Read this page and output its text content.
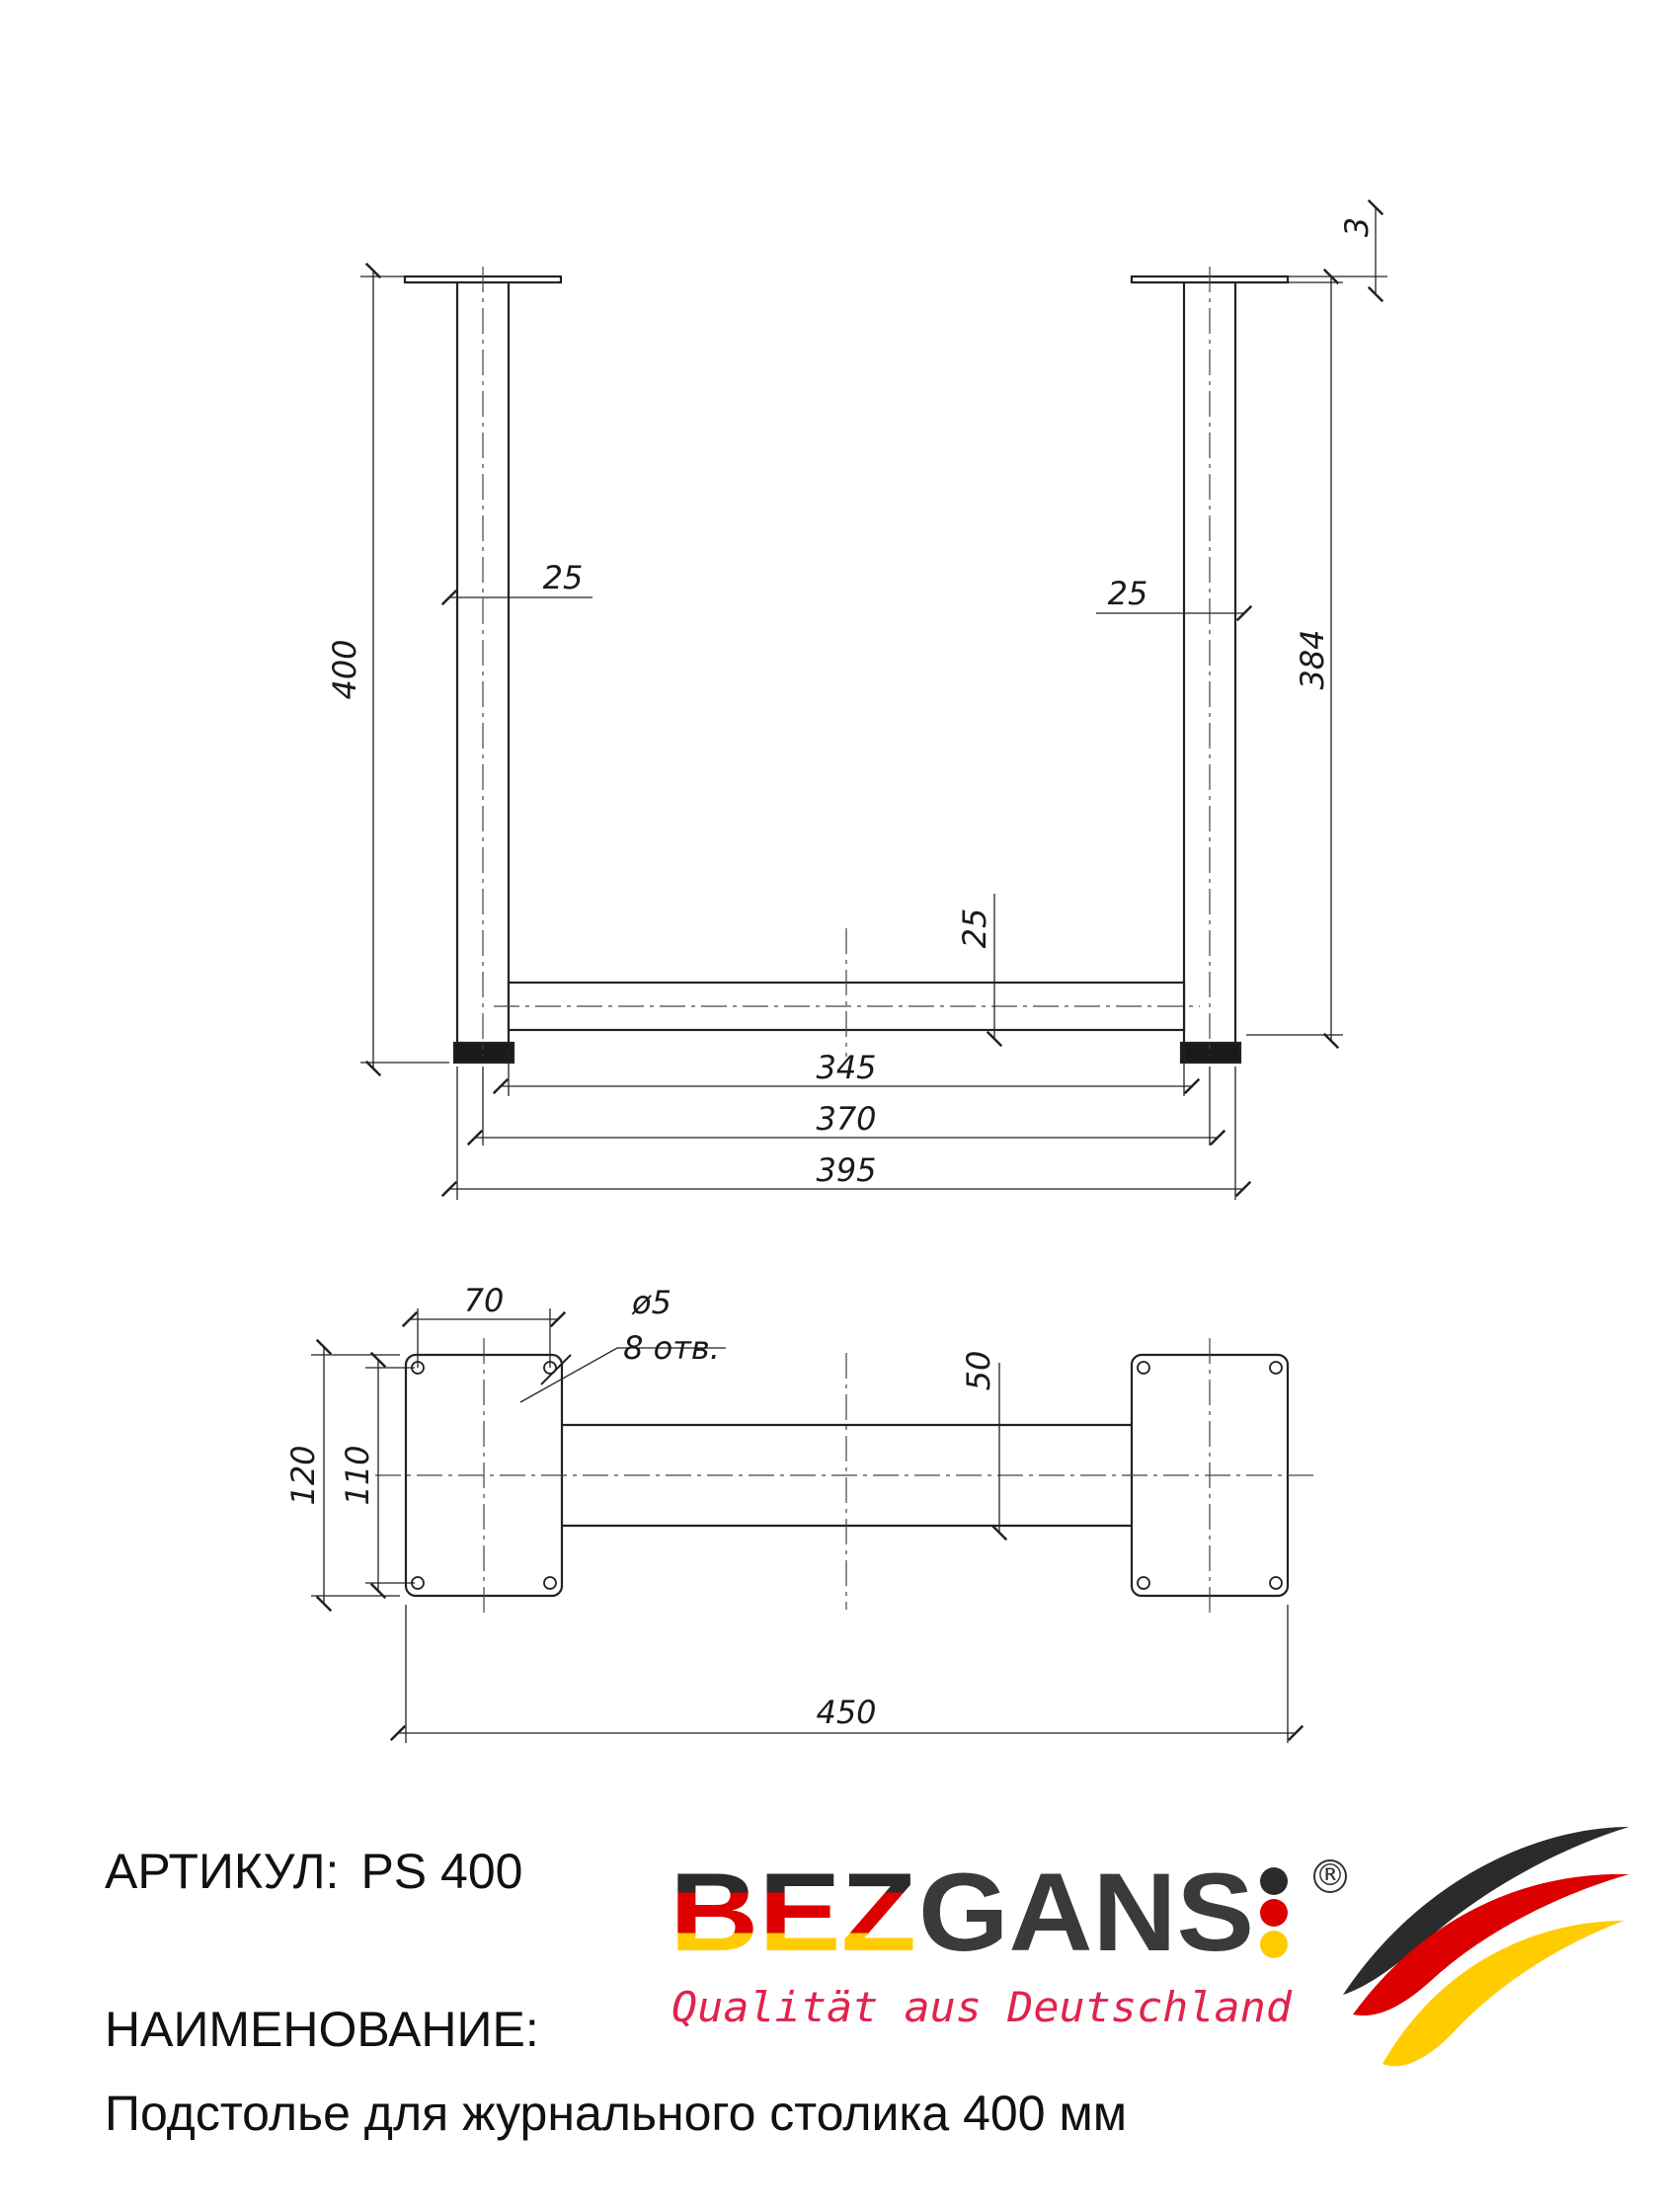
400	384
3
25	25
25
345
370
395
70	ø5
8 отв.
120 110
50
450
BEZ GANS ®
Qualität aus Deutschland
АРТИКУЛ: PS 400
НАИМЕНОВАНИЕ:
Подстолье для журнального столика 400 мм
